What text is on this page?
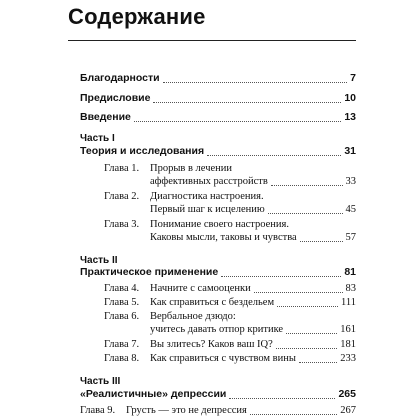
Содержание
Благодарности	7
Предисловие	10
Введение	13
Часть I
Теория и исследования	31
Глава 1. Прорыв в лечении
аффективных расстройств	33
Глава 2. Диагностика настроения.
Первый шаг к исцелению	45
Глава 3. Понимание своего настроения.
Каковы мысли, таковы и чувства	57
Часть II
Практическое применение	81
Глава 4. Начните с самооценки	83
Глава 5. Как справиться с бездельем	111
Глава 6. Вербальное дзюдо:
учитесь давать отпор критике	161
Глава 7. Вы злитесь? Каков ваш IQ?	181
Глава 8. Как справиться с чувством вины	233
Часть III
«Реалистичные» депрессии	265
Глава 9. Грусть — это не депрессия	267
